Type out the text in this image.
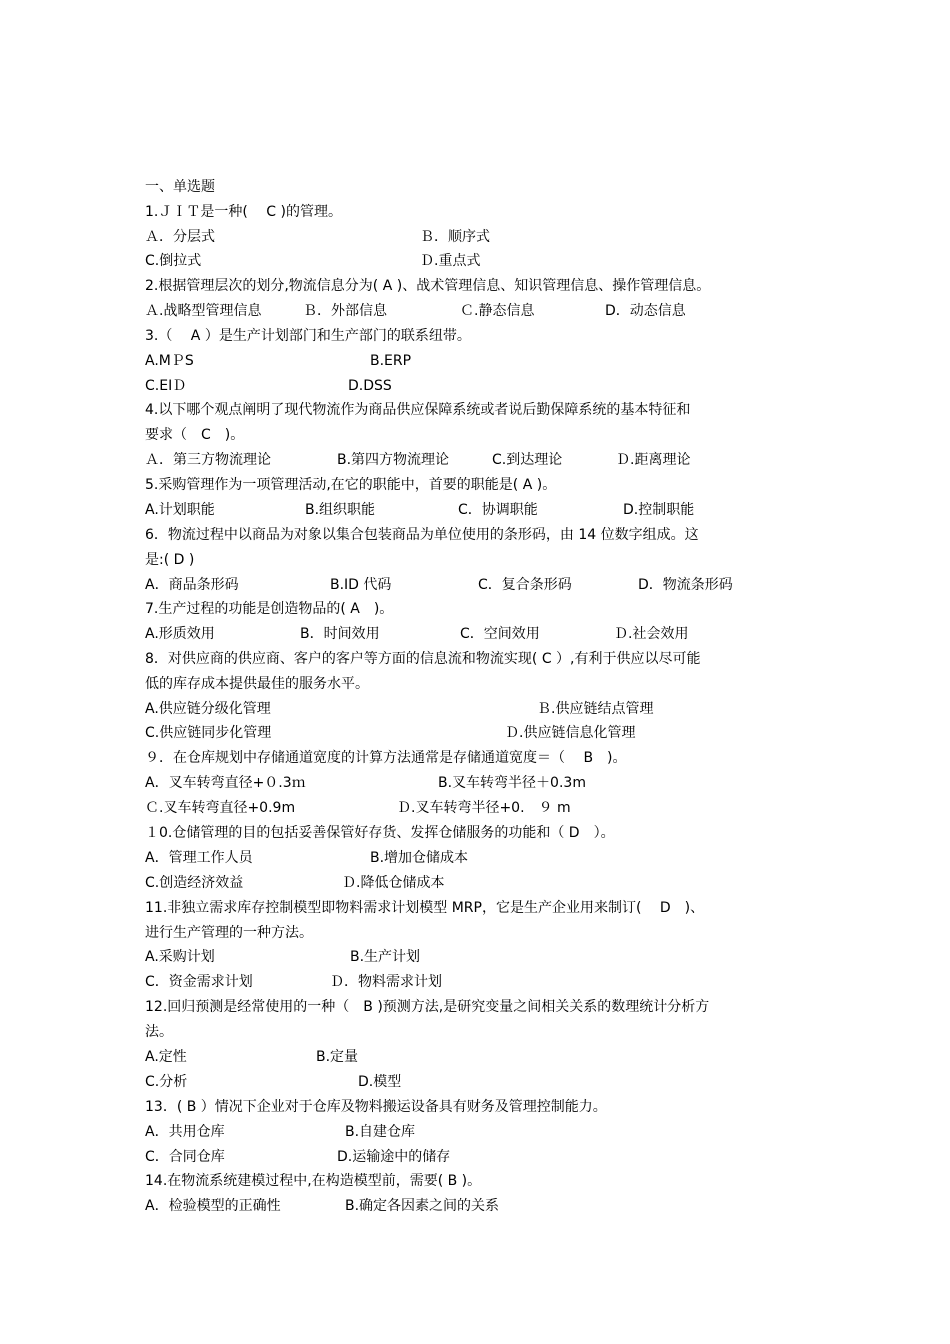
一、单选题
1.ＪＩＴ是一种(　 C )的管理。
Ａ．分层式	Ｂ．顺序式
C.倒拉式	Ｄ.重点式
2.根据管理层次的划分,物流信息分为( A )、战术管理信息、知识管理信息、操作管理信息。
Ａ.战略型管理信息	Ｂ．外部信息	Ｃ.静态信息	D．动态信息
3.（　 A ）是生产计划部门和生产部门的联系纽带。
A.MＰS	B.ERP
C.EIＤ	D.DSS
4.以下哪个观点阐明了现代物流作为商品供应保障系统或者说后勤保障系统的基本特征和
要求（　C　)。
Ａ．第三方物流理论	B.第四方物流理论	C.到达理论	Ｄ.距离理论
5.采购管理作为一项管理活动,在它的职能中，首要的职能是( A )。
A.计划职能	B.组织职能	C．协调职能	D.控制职能
6．物流过程中以商品为对象以集合包装商品为单位使用的条形码，由 14 位数字组成。这
是:( D )
A．商品条形码	B.ID 代码	C．复合条形码	D．物流条形码
7.生产过程的功能是创造物品的( A　)。
A.形质效用	B．时间效用	C．空间效用	Ｄ.社会效用
8．对供应商的供应商、客户的客户等方面的信息流和物流实现( C ）,有利于供应以尽可能
低的库存成本提供最佳的服务水平。
A.供应链分级化管理	Ｂ.供应链结点管理
C.供应链同步化管理	Ｄ.供应链信息化管理
９．在仓库规划中存储通道宽度的计算方法通常是存储通道宽度＝（　 B　)。
A．叉车转弯直径+０.3ｍ	B.叉车转弯半径＋0.3m
Ｃ.叉车转弯直径+0.9m	Ｄ.叉车转弯半径+0.　９ m
１0.仓储管理的目的包括妥善保管好存货、发挥仓储服务的功能和（ D　）。
A．管理工作人员	B.增加仓储成本
C.创造经济效益	Ｄ.降低仓储成本
11.非独立需求库存控制模型即物料需求计划模型 MRP，它是生产企业用来制订(　 D　)、
进行生产管理的一种方法。
A.采购计划	B.生产计划
C．资金需求计划	Ｄ．物料需求计划
12.回归预测是经常使用的一种（　B )预测方法,是研究变量之间相关关系的数理统计分析方
法。
A.定性	B.定量
C.分析	D.模型
13．( B ）情况下企业对于仓库及物料搬运设备具有财务及管理控制能力。
A．共用仓库	B.自建仓库
C．合同仓库	D.运输途中的储存
14.在物流系统建模过程中,在构造模型前，需要( B )。
A．检验模型的正确性	B.确定各因素之间的关系
